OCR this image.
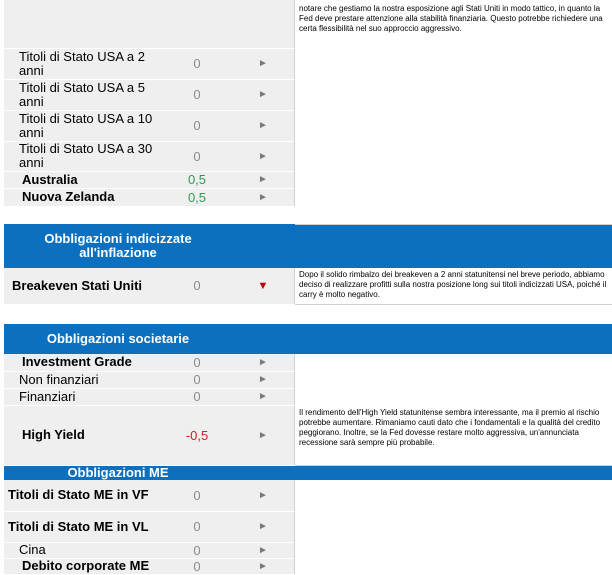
			notare che gestiamo la nostra esposizione agli Stati Uniti in modo tattico, in quanto la Fed deve prestare attenzione alla stabilità finanziaria. Questo potrebbe richiedere una certa flessibilità nel suo approccio aggressivo.
Titoli di Stato USA a 2 anni	0	►	
Titoli di Stato USA a 5 anni	0	►	
Titoli di Stato USA a 10 anni	0	►	
Titoli di Stato USA a 30 anni	0	►	
Australia	0,5	►	
Nuova Zelanda	0,5	►	

Obbligazioni indicizzate all'inflazione			
Breakeven Stati Uniti	0	▼	Dopo il solido rimbalzo dei breakeven a 2 anni statunitensi nel breve periodo, abbiamo deciso di realizzare profitti sulla nostra posizione long sui titoli indicizzati USA, poiché il carry è molto negativo.

Obbligazioni societarie			
Investment Grade	0	►	
Non finanziari	0	►	
Finanziari	0	►	
High Yield	-0,5	►	Il rendimento dell'High Yield statunitense sembra interessante, ma il premio al rischio potrebbe aumentare. Rimaniamo cauti dato che i fondamentali e la qualità del credito peggiorano. Inoltre, se la Fed dovesse restare molto aggressiva, un'annunciata recessione sarà sempre più probabile.
Obbligazioni ME			
Titoli di Stato ME in VF	0	►	
Titoli di Stato ME in VL	0	►	
Cina	0	►	
Debito corporate ME	0	►	
